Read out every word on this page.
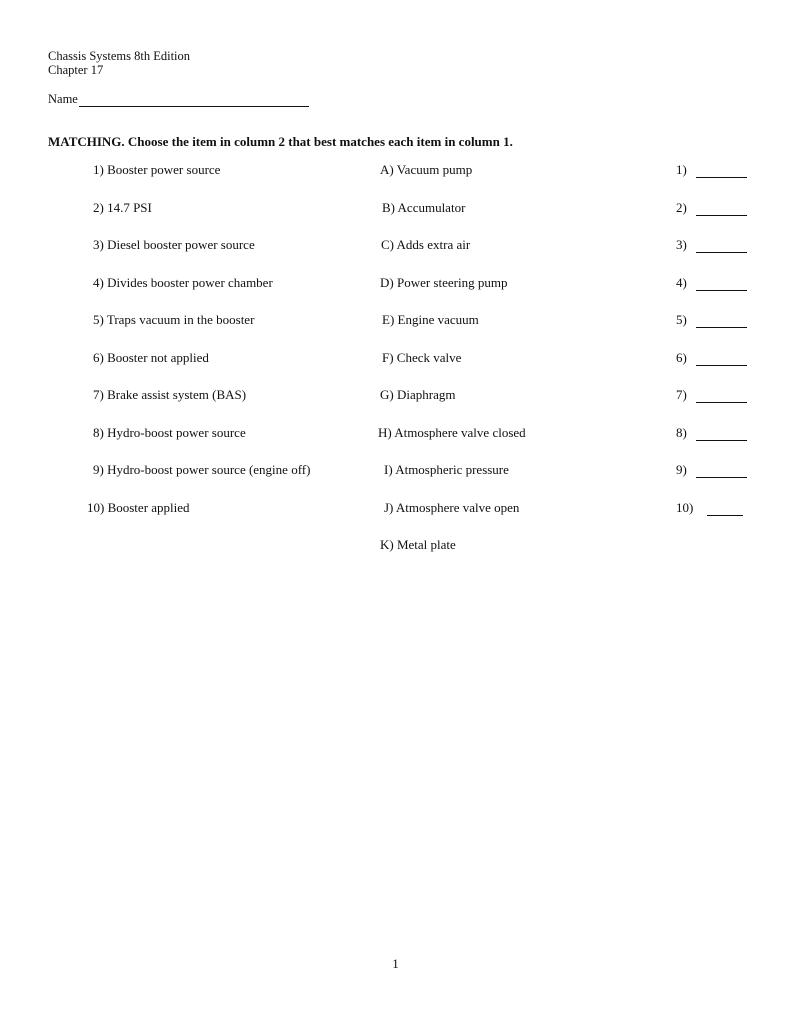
Chassis Systems 8th Edition
Chapter 17
Name
MATCHING. Choose the item in column 2 that best matches each item in column 1.
1) Booster power source
2) 14.7 PSI
3) Diesel booster power source
4) Divides booster power chamber
5) Traps vacuum in the booster
6) Booster not applied
7) Brake assist system (BAS)
8) Hydro-boost power source
9) Hydro-boost power source (engine off)
10) Booster applied
A) Vacuum pump
B) Accumulator
C) Adds extra air
D) Power steering pump
E) Engine vacuum
F) Check valve
G) Diaphragm
H) Atmosphere valve closed
I) Atmospheric pressure
J) Atmosphere valve open
K) Metal plate
1)
2)
3)
4)
5)
6)
7)
8)
9)
10)
1
